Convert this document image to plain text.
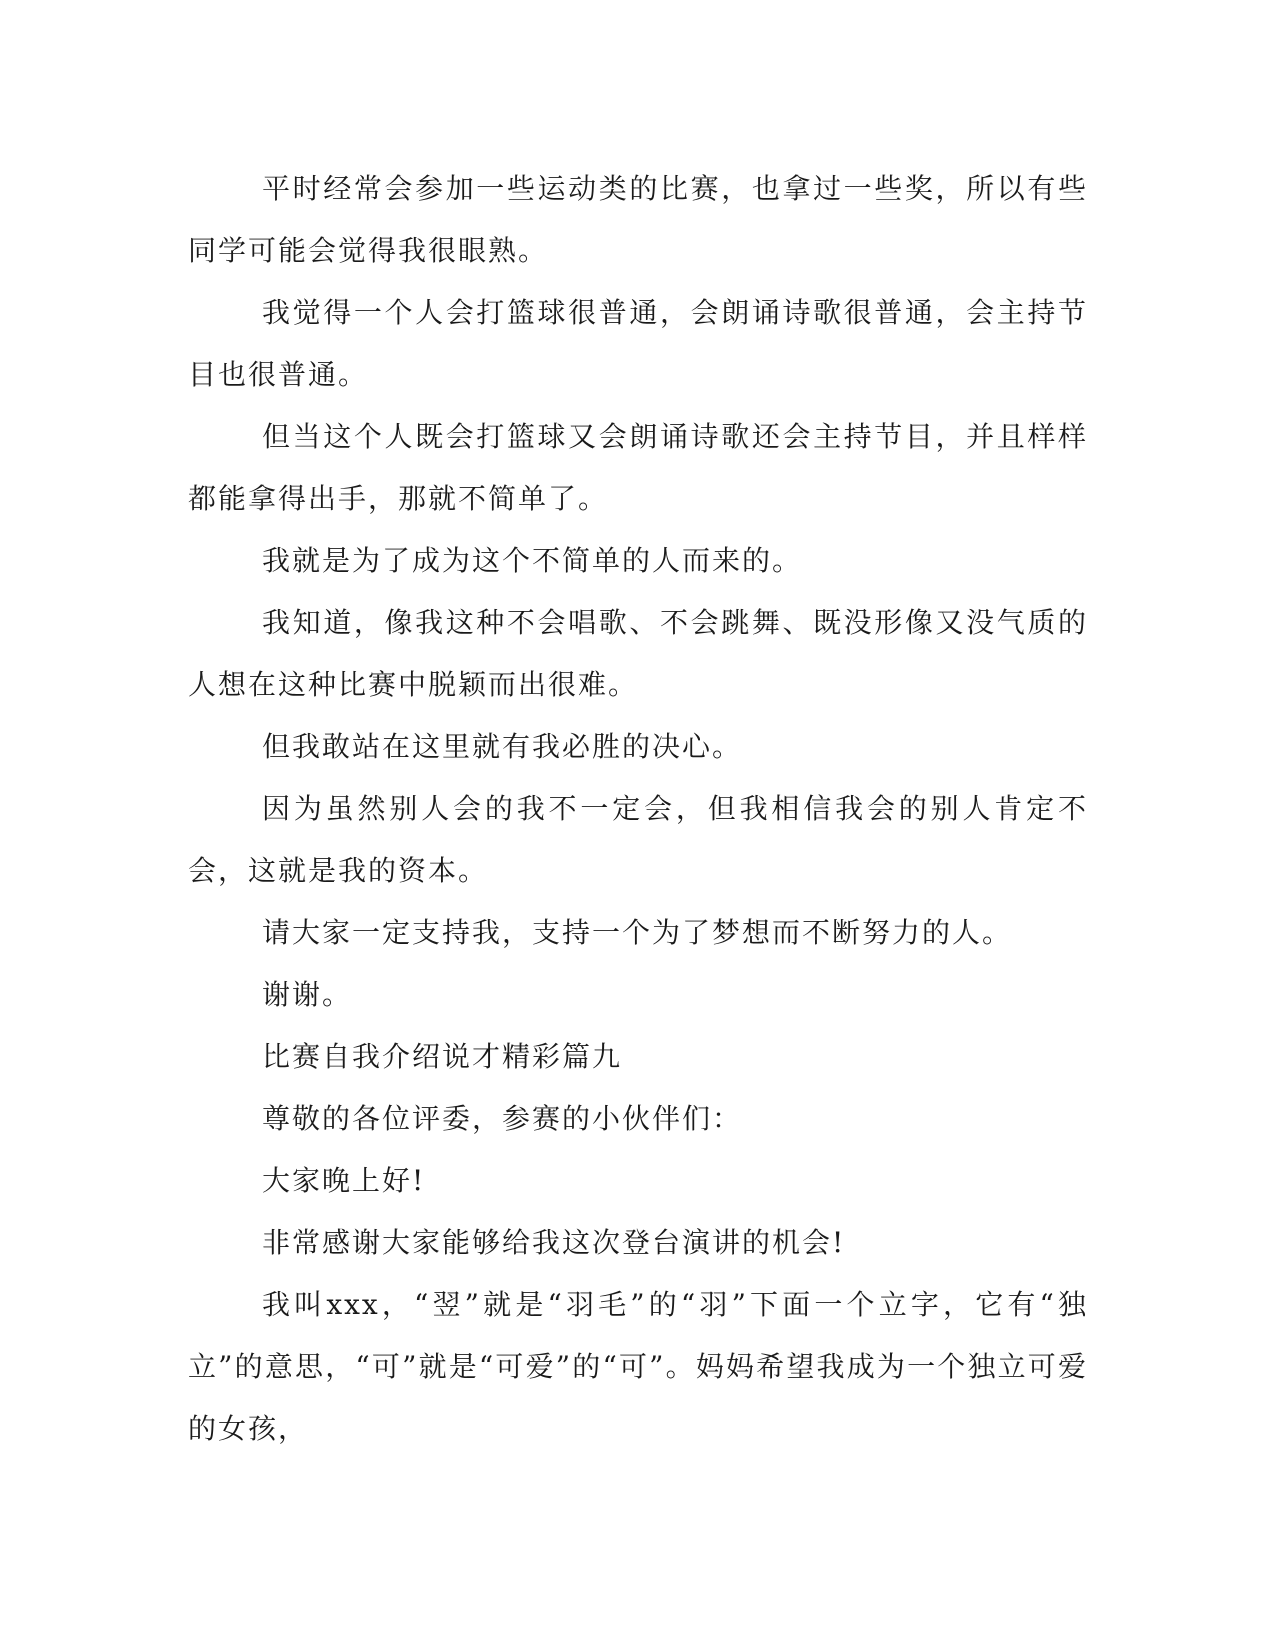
平时经常会参加一些运动类的比赛，也拿过一些奖，所以有些同学可能会觉得我很眼熟。

我觉得一个人会打篮球很普通，会朗诵诗歌很普通，会主持节目也很普通。

但当这个人既会打篮球又会朗诵诗歌还会主持节目，并且样样都能拿得出手，那就不简单了。

我就是为了成为这个不简单的人而来的。

我知道，像我这种不会唱歌、不会跳舞、既没形像又没气质的人想在这种比赛中脱颖而出很难。

但我敢站在这里就有我必胜的决心。

因为虽然别人会的我不一定会，但我相信我会的别人肯定不会，这就是我的资本。

请大家一定支持我，支持一个为了梦想而不断努力的人。

谢谢。

比赛自我介绍说才精彩篇九

尊敬的各位评委，参赛的小伙伴们：

大家晚上好!

非常感谢大家能够给我这次登台演讲的机会!

我叫xxx，“翌”就是“羽毛”的“羽”下面一个立字，它有“独立”的意思，“可”就是“可爱”的“可”。妈妈希望我成为一个独立可爱的女孩，
